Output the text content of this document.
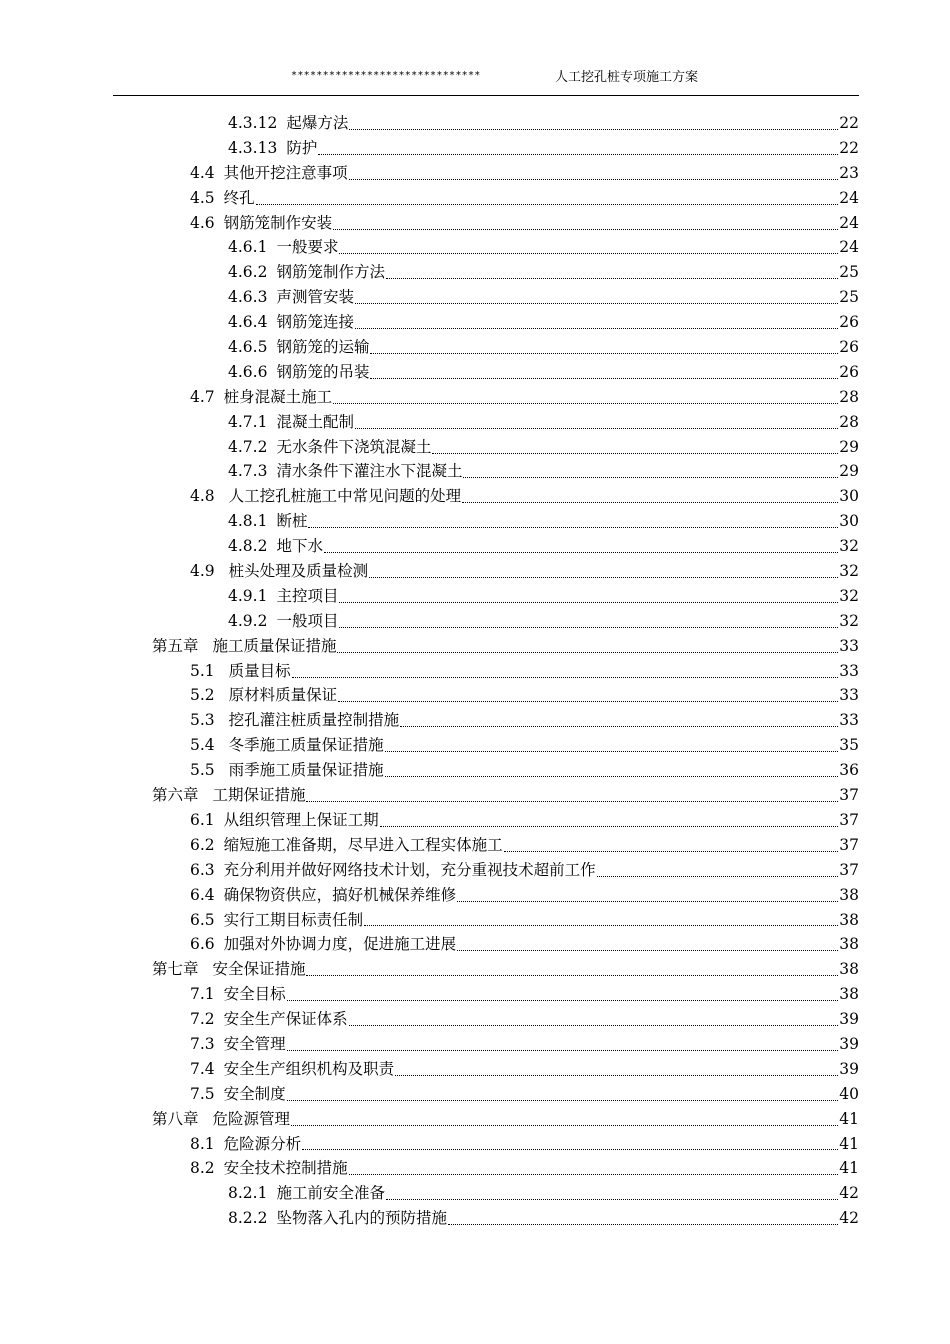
******************************	人工挖孔桩专项施工方案
4.3.12 起爆方法	22
4.3.13 防护	22
4.4 其他开挖注意事项	23
4.5 终孔	24
4.6 钢筋笼制作安装	24
4.6.1 一般要求	24
4.6.2 钢筋笼制作方法	25
4.6.3 声测管安装	25
4.6.4 钢筋笼连接	26
4.6.5 钢筋笼的运输	26
4.6.6 钢筋笼的吊装	26
4.7 桩身混凝土施工	28
4.7.1 混凝土配制	28
4.7.2 无水条件下浇筑混凝土	29
4.7.3 清水条件下灌注水下混凝土	29
4.8 人工挖孔桩施工中常见问题的处理	30
4.8.1 断桩	30
4.8.2 地下水	32
4.9 桩头处理及质量检测	32
4.9.1 主控项目	32
4.9.2 一般项目	32
第五章 施工质量保证措施	33
5.1 质量目标	33
5.2 原材料质量保证	33
5.3 挖孔灌注桩质量控制措施	33
5.4 冬季施工质量保证措施	35
5.5 雨季施工质量保证措施	36
第六章 工期保证措施	37
6.1 从组织管理上保证工期	37
6.2 缩短施工准备期，尽早进入工程实体施工	37
6.3 充分利用并做好网络技术计划，充分重视技术超前工作	37
6.4 确保物资供应，搞好机械保养维修	38
6.5 实行工期目标责任制	38
6.6 加强对外协调力度，促进施工进展	38
第七章 安全保证措施	38
7.1 安全目标	38
7.2 安全生产保证体系	39
7.3 安全管理	39
7.4 安全生产组织机构及职责	39
7.5 安全制度	40
第八章 危险源管理	41
8.1 危险源分析	41
8.2 安全技术控制措施	41
8.2.1 施工前安全准备	42
8.2.2 坠物落入孔内的预防措施	42
